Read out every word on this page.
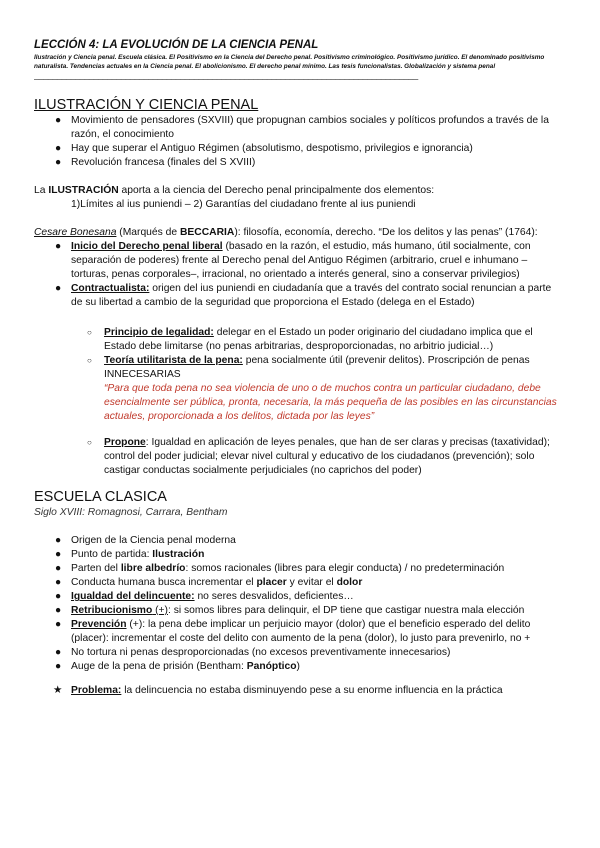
LECCIÓN 4: LA EVOLUCIÓN DE LA CIENCIA PENAL

Ilustración y Ciencia penal. Escuela clásica. El Positivismo en la Ciencia del Derecho penal. Positivismo criminológico. Positivismo jurídico. El denominado positivismo naturalista. Tendencias actuales en la Ciencia penal. El abolicionismo. El derecho penal mínimo. Las tesis funcionalistas. Globalización y sistema penal

____________________________________________________________________________________
ILUSTRACIÓN Y CIENCIA PENAL
● Movimiento de pensadores (SXVIII) que propugnan cambios sociales y políticos profundos a través de la razón, el conocimiento
● Hay que superar el Antiguo Régimen (absolutismo, despotismo, privilegios e ignorancia)
● Revolución francesa (finales del S XVIII)

La ILUSTRACIÓN aporta a la ciencia del Derecho penal principalmente dos elementos:

1)Límites al ius puniendi – 2) Garantías del ciudadano frente al ius puniendi

Cesare Bonesana (Marqués de BECCARIA): filosofía, economía, derecho. “De los delitos y las penas” (1764):

● Inicio del Derecho penal liberal (basado en la razón, el estudio, más humano, útil socialmente, con separación de poderes) frente al Derecho penal del Antiguo Régimen (arbitrario, cruel e inhumano –torturas, penas corporales–, irracional, no orientado a interés general, sino a conservar privilegios)
● Contractualista: origen del ius puniendi en ciudadanía que a través del contrato social renuncian a parte de su libertad a cambio de la seguridad que proporciona el Estado (delega en el Estado)
○ Principio de legalidad: delegar en el Estado un poder originario del ciudadano implica que el Estado debe limitarse (no penas arbitrarias, desproporcionadas, no arbitrio judicial…)
○ Teoría utilitarista de la pena: pena socialmente útil (prevenir delitos). Proscripción de penas INNECESARIAS
“Para que toda pena no sea violencia de uno o de muchos contra un particular ciudadano, debe esencialmente ser pública, pronta, necesaria, la más pequeña de las posibles en las circunstancias actuales, proporcionada a los delitos, dictada por las leyes”
○ Propone: Igualdad en aplicación de leyes penales, que han de ser claras y precisas (taxatividad); control del poder judicial; elevar nivel cultural y educativo de los ciudadanos (prevención); solo castigar conductas socialmente perjudiciales (no caprichos del poder)
ESCUELA CLASICA

Siglo XVIII: Romagnosi, Carrara, Bentham

● Origen de la Ciencia penal moderna
● Punto de partida: Ilustración
● Parten del libre albedrío: somos racionales (libres para elegir conducta) / no predeterminación
● Conducta humana busca incrementar el placer y evitar el dolor
● Igualdad del delincuente: no seres desvalidos, deficientes…
● Retribucionismo (+): si somos libres para delinquir, el DP tiene que castigar nuestra mala elección
● Prevención (+): la pena debe implicar un perjuicio mayor (dolor) que el beneficio esperado del delito (placer): incrementar el coste del delito con aumento de la pena (dolor), lo justo para prevenirlo, no +
● No tortura ni penas desproporcionadas (no excesos preventivamente innecesarios)
● Auge de la pena de prisión (Bentham: Panóptico)
★ Problema: la delincuencia no estaba disminuyendo pese a su enorme influencia en la práctica
